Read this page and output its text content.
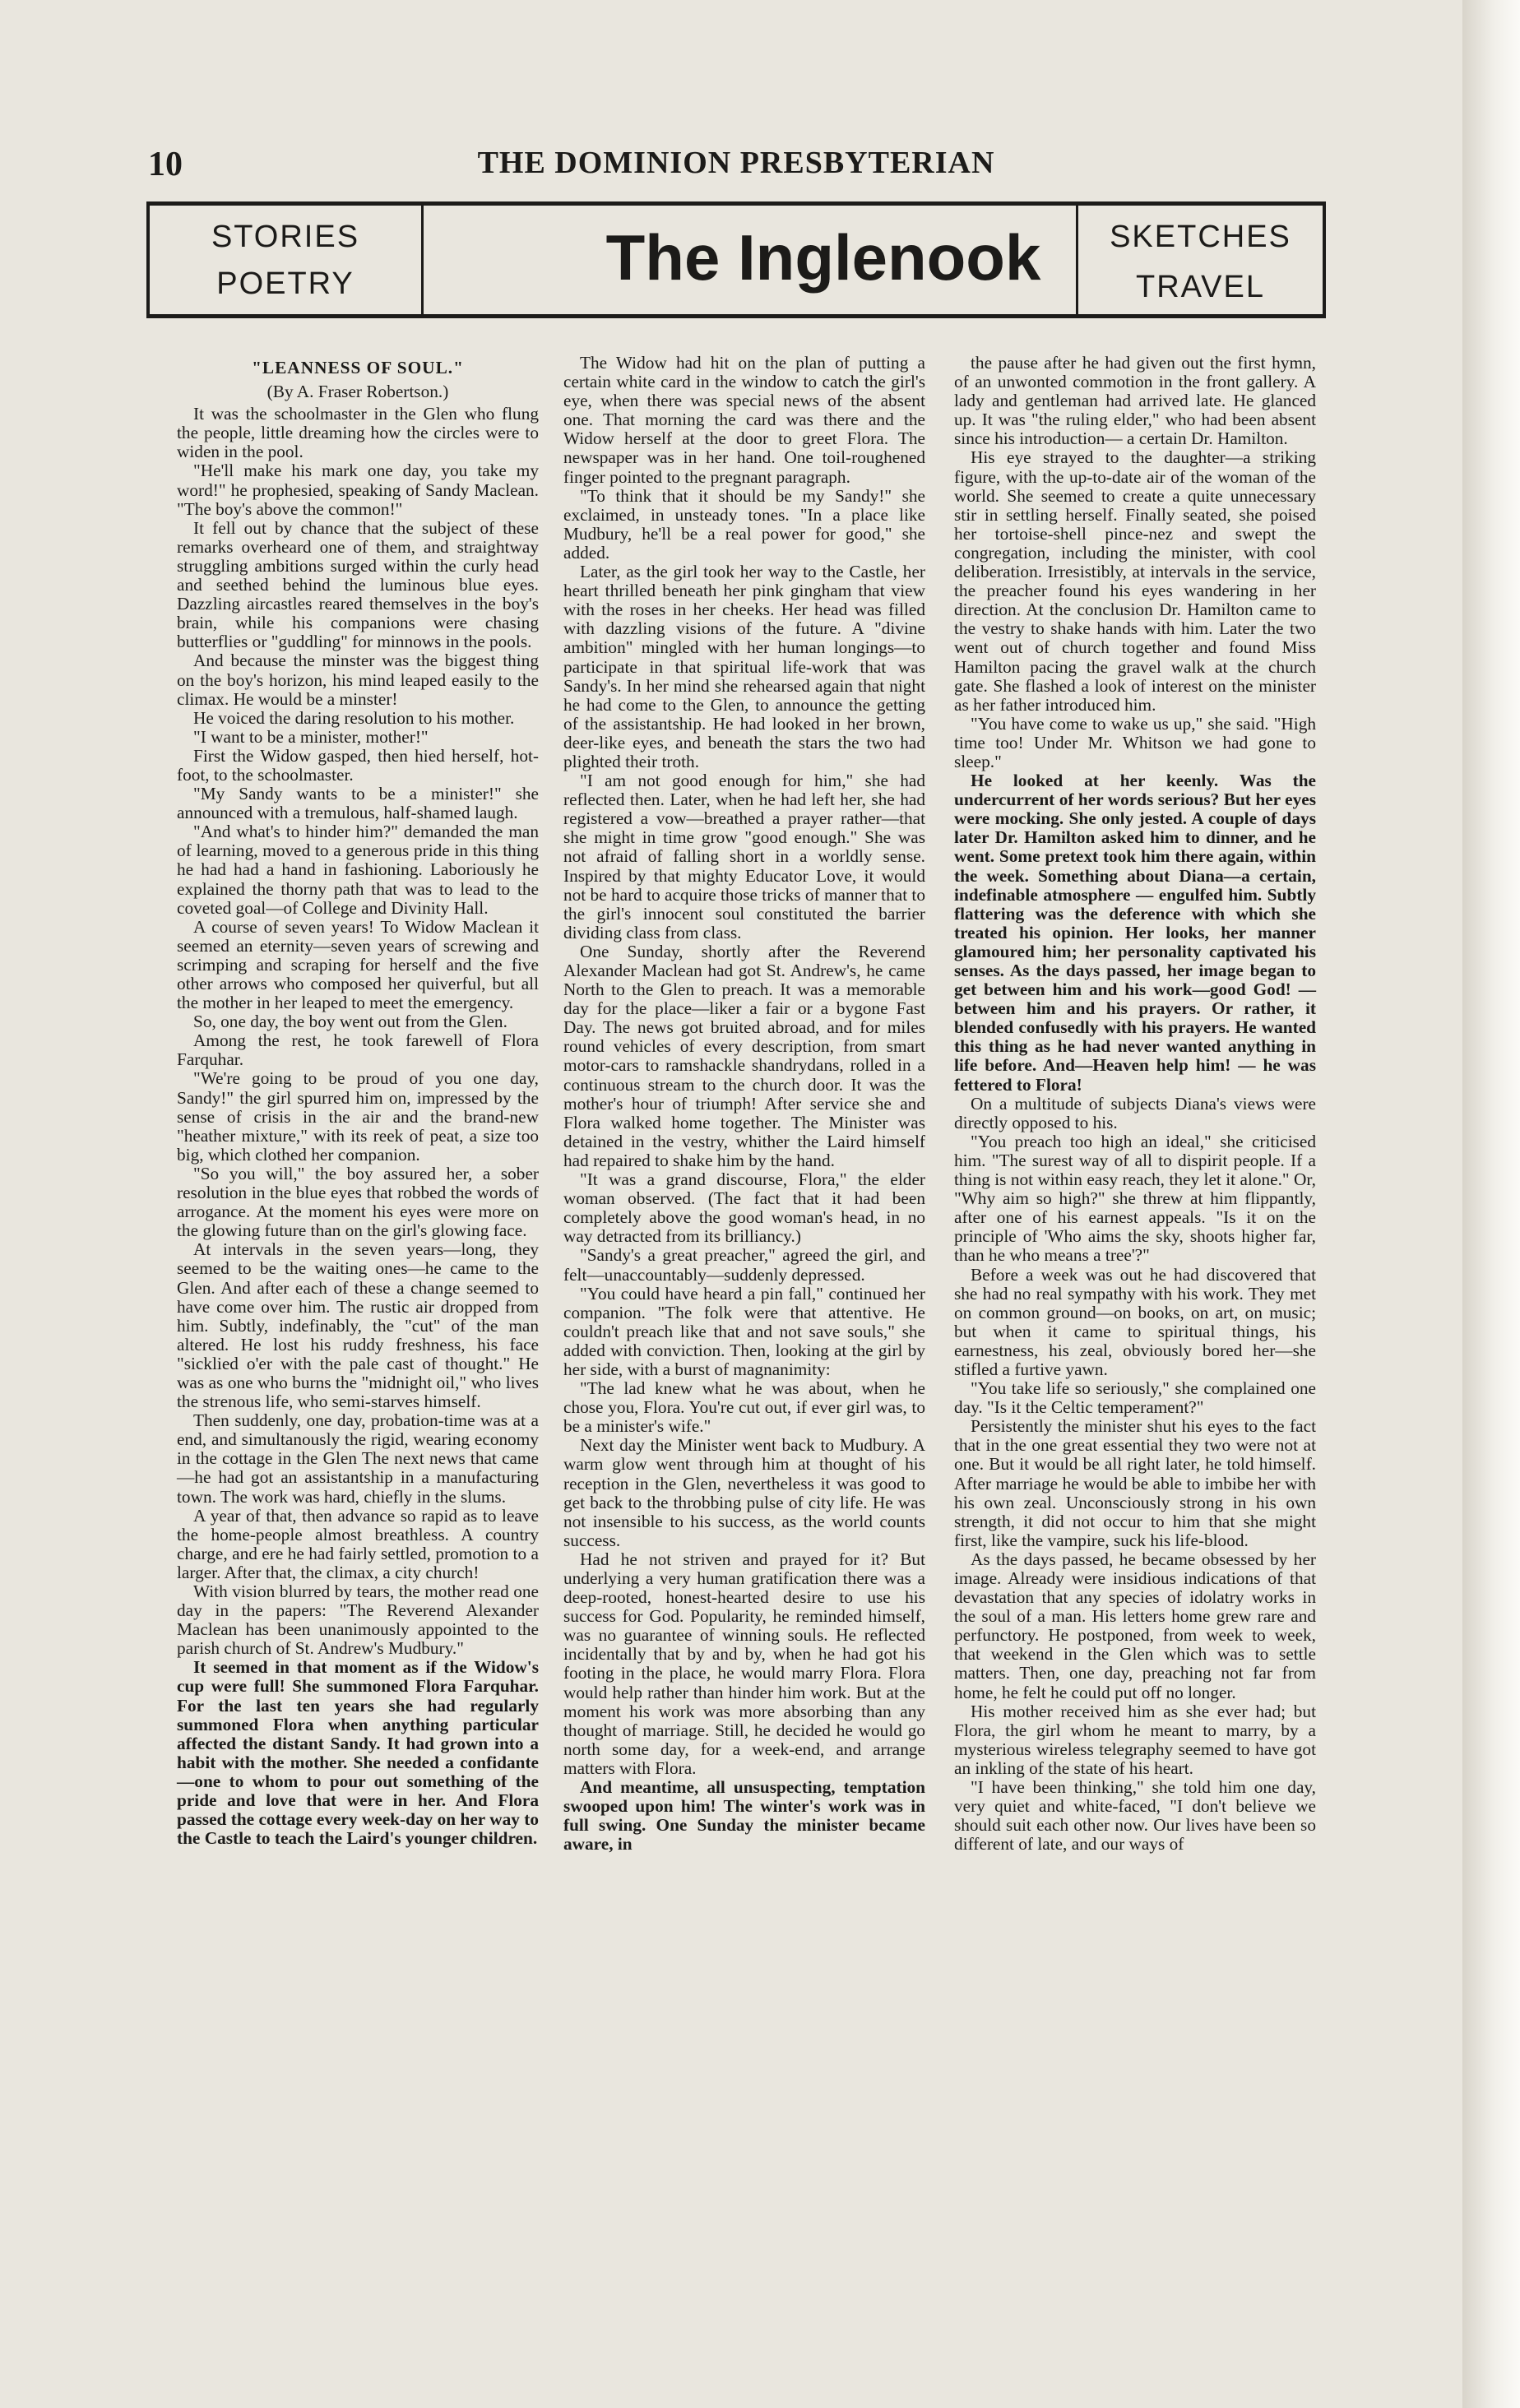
10	THE DOMINION PRESBYTERIAN
STORIES
POETRY	The Inglenook	SKETCHES
TRAVEL

"LEANNESS OF SOUL."

(By A. Fraser Robertson.)

It was the schoolmaster in the Glen who flung the people, little dreaming how the circles were to widen in the pool.

"He'll make his mark one day, you take my word!" he prophesied, speaking of Sandy Maclean. "The boy's above the common!"

It fell out by chance that the subject of these remarks overheard one of them, and straightway struggling ambitions surged within the curly head and seethed behind the luminous blue eyes. Dazzling aircastles reared themselves in the boy's brain, while his companions were chasing butterflies or "guddling" for minnows in the pools.

And because the minster was the biggest thing on the boy's horizon, his mind leaped easily to the climax. He would be a minster!

He voiced the daring resolution to his mother.

"I want to be a minister, mother!"

First the Widow gasped, then hied herself, hot-foot, to the schoolmaster.

"My Sandy wants to be a minister!" she announced with a tremulous, half-shamed laugh.

"And what's to hinder him?" demanded the man of learning, moved to a generous pride in this thing he had had a hand in fashioning. Laboriously he explained the thorny path that was to lead to the coveted goal—of College and Divinity Hall.

A course of seven years! To Widow Maclean it seemed an eternity—seven years of screwing and scrimping and scraping for herself and the five other arrows who composed her quiverful, but all the mother in her leaped to meet the emergency.

So, one day, the boy went out from the Glen.

Among the rest, he took farewell of Flora Farquhar.

"We're going to be proud of you one day, Sandy!" the girl spurred him on, impressed by the sense of crisis in the air and the brand-new "heather mixture," with its reek of peat, a size too big, which clothed her companion.

"So you will," the boy assured her, a sober resolution in the blue eyes that robbed the words of arrogance. At the moment his eyes were more on the glowing future than on the girl's glowing face.

At intervals in the seven years—long, they seemed to be the waiting ones—he came to the Glen. And after each of these a change seemed to have come over him. The rustic air dropped from him. Subtly, indefinably, the "cut" of the man altered. He lost his ruddy freshness, his face "sicklied o'er with the pale cast of thought." He was as one who burns the "midnight oil," who lives the strenous life, who semi-starves himself.

Then suddenly, one day, probation-time was at a end, and simultanously the rigid, wearing economy in the cottage in the Glen The next news that came—he had got an assistantship in a manufacturing town. The work was hard, chiefly in the slums.

A year of that, then advance so rapid as to leave the home-people almost breathless. A country charge, and ere he had fairly settled, promotion to a larger. After that, the climax, a city church!

With vision blurred by tears, the mother read one day in the papers: "The Reverend Alexander Maclean has been unanimously appointed to the parish church of St. Andrew's Mudbury."

It seemed in that moment as if the Widow's cup were full! She summoned Flora Farquhar. For the last ten years she had regularly summoned Flora when anything particular affected the distant Sandy. It had grown into a habit with the mother. She needed a confidante—one to whom to pour out something of the pride and love that were in her. And Flora passed the cottage every week-day on her way to the Castle to teach the Laird's younger children.

The Widow had hit on the plan of putting a certain white card in the window to catch the girl's eye, when there was special news of the absent one. That morning the card was there and the Widow herself at the door to greet Flora. The newspaper was in her hand. One toil-roughened finger pointed to the pregnant paragraph.

"To think that it should be my Sandy!" she exclaimed, in unsteady tones. "In a place like Mudbury, he'll be a real power for good," she added.

Later, as the girl took her way to the Castle, her heart thrilled beneath her pink gingham that view with the roses in her cheeks. Her head was filled with dazzling visions of the future. A "divine ambition" mingled with her human longings—to participate in that spiritual life-work that was Sandy's. In her mind she rehearsed again that night he had come to the Glen, to announce the getting of the assistantship. He had looked in her brown, deer-like eyes, and beneath the stars the two had plighted their troth.

"I am not good enough for him," she had reflected then. Later, when he had left her, she had registered a vow—breathed a prayer rather—that she might in time grow "good enough." She was not afraid of falling short in a worldly sense. Inspired by that mighty Educator Love, it would not be hard to acquire those tricks of manner that to the girl's innocent soul constituted the barrier dividing class from class.

One Sunday, shortly after the Reverend Alexander Maclean had got St. Andrew's, he came North to the Glen to preach. It was a memorable day for the place—liker a fair or a bygone Fast Day. The news got bruited abroad, and for miles round vehicles of every description, from smart motor-cars to ramshackle shandrydans, rolled in a continuous stream to the church door. It was the mother's hour of triumph! After service she and Flora walked home together. The Minister was detained in the vestry, whither the Laird himself had repaired to shake him by the hand.

"It was a grand discourse, Flora," the elder woman observed. (The fact that it had been completely above the good woman's head, in no way detracted from its brilliancy.)

"Sandy's a great preacher," agreed the girl, and felt—unaccountably—suddenly depressed.

"You could have heard a pin fall," continued her companion. "The folk were that attentive. He couldn't preach like that and not save souls," she added with conviction. Then, looking at the girl by her side, with a burst of magnanimity:

"The lad knew what he was about, when he chose you, Flora. You're cut out, if ever girl was, to be a minister's wife."

Next day the Minister went back to Mudbury. A warm glow went through him at thought of his reception in the Glen, nevertheless it was good to get back to the throbbing pulse of city life. He was not insensible to his success, as the world counts success.

Had he not striven and prayed for it? But underlying a very human gratification there was a deep-rooted, honest-hearted desire to use his success for God. Popularity, he reminded himself, was no guarantee of winning souls. He reflected incidentally that by and by, when he had got his footing in the place, he would marry Flora. Flora would help rather than hinder him work. But at the moment his work was more absorbing than any thought of marriage. Still, he decided he would go north some day, for a week-end, and arrange matters with Flora.

And meantime, all unsuspecting, temptation swooped upon him! The winter's work was in full swing. One Sunday the minister became aware, in

the pause after he had given out the first hymn, of an unwonted commotion in the front gallery. A lady and gentleman had arrived late. He glanced up. It was "the ruling elder," who had been absent since his introduction— a certain Dr. Hamilton.

His eye strayed to the daughter—a striking figure, with the up-to-date air of the woman of the world. She seemed to create a quite unnecessary stir in settling herself. Finally seated, she poised her tortoise-shell pince-nez and swept the congregation, including the minister, with cool deliberation. Irresistibly, at intervals in the service, the preacher found his eyes wandering in her direction. At the conclusion Dr. Hamilton came to the vestry to shake hands with him. Later the two went out of church together and found Miss Hamilton pacing the gravel walk at the church gate. She flashed a look of interest on the minister as her father introduced him.

"You have come to wake us up," she said. "High time too! Under Mr. Whitson we had gone to sleep."

He looked at her keenly. Was the undercurrent of her words serious? But her eyes were mocking. She only jested. A couple of days later Dr. Hamilton asked him to dinner, and he went. Some pretext took him there again, within the week. Something about Diana—a certain, indefinable atmosphere — engulfed him. Subtly flattering was the deference with which she treated his opinion. Her looks, her manner glamoured him; her personality captivated his senses. As the days passed, her image began to get between him and his work—good God! —between him and his prayers. Or rather, it blended confusedly with his prayers. He wanted this thing as he had never wanted anything in life before. And—Heaven help him! — he was fettered to Flora!

On a multitude of subjects Diana's views were directly opposed to his.

"You preach too high an ideal," she criticised him. "The surest way of all to dispirit people. If a thing is not within easy reach, they let it alone." Or, "Why aim so high?" she threw at him flippantly, after one of his earnest appeals. "Is it on the principle of 'Who aims the sky, shoots higher far, than he who means a tree'?"

Before a week was out he had discovered that she had no real sympathy with his work. They met on common ground—on books, on art, on music; but when it came to spiritual things, his earnestness, his zeal, obviously bored her—she stifled a furtive yawn.

"You take life so seriously," she complained one day. "Is it the Celtic temperament?"

Persistently the minister shut his eyes to the fact that in the one great essential they two were not at one. But it would be all right later, he told himself. After marriage he would be able to imbibe her with his own zeal. Unconsciously strong in his own strength, it did not occur to him that she might first, like the vampire, suck his life-blood.

As the days passed, he became obsessed by her image. Already were insidious indications of that devastation that any species of idolatry works in the soul of a man. His letters home grew rare and perfunctory. He postponed, from week to week, that weekend in the Glen which was to settle matters. Then, one day, preaching not far from home, he felt he could put off no longer.

His mother received him as she ever had; but Flora, the girl whom he meant to marry, by a mysterious wireless telegraphy seemed to have got an inkling of the state of his heart.

"I have been thinking," she told him one day, very quiet and white-faced, "I don't believe we should suit each other now. Our lives have been so different of late, and our ways of
